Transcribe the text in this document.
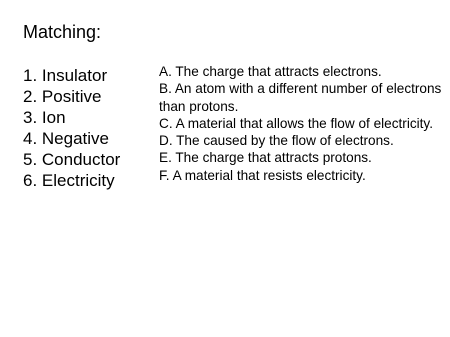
Matching:
1. Insulator
2. Positive
3. Ion
4. Negative
5. Conductor
6. Electricity
A. The charge that attracts electrons.
B. An atom with a different number of electrons than protons.
C. A material that allows the flow of electricity.
D. The caused by the flow of electrons.
E. The charge that attracts protons.
F. A material that resists electricity.
